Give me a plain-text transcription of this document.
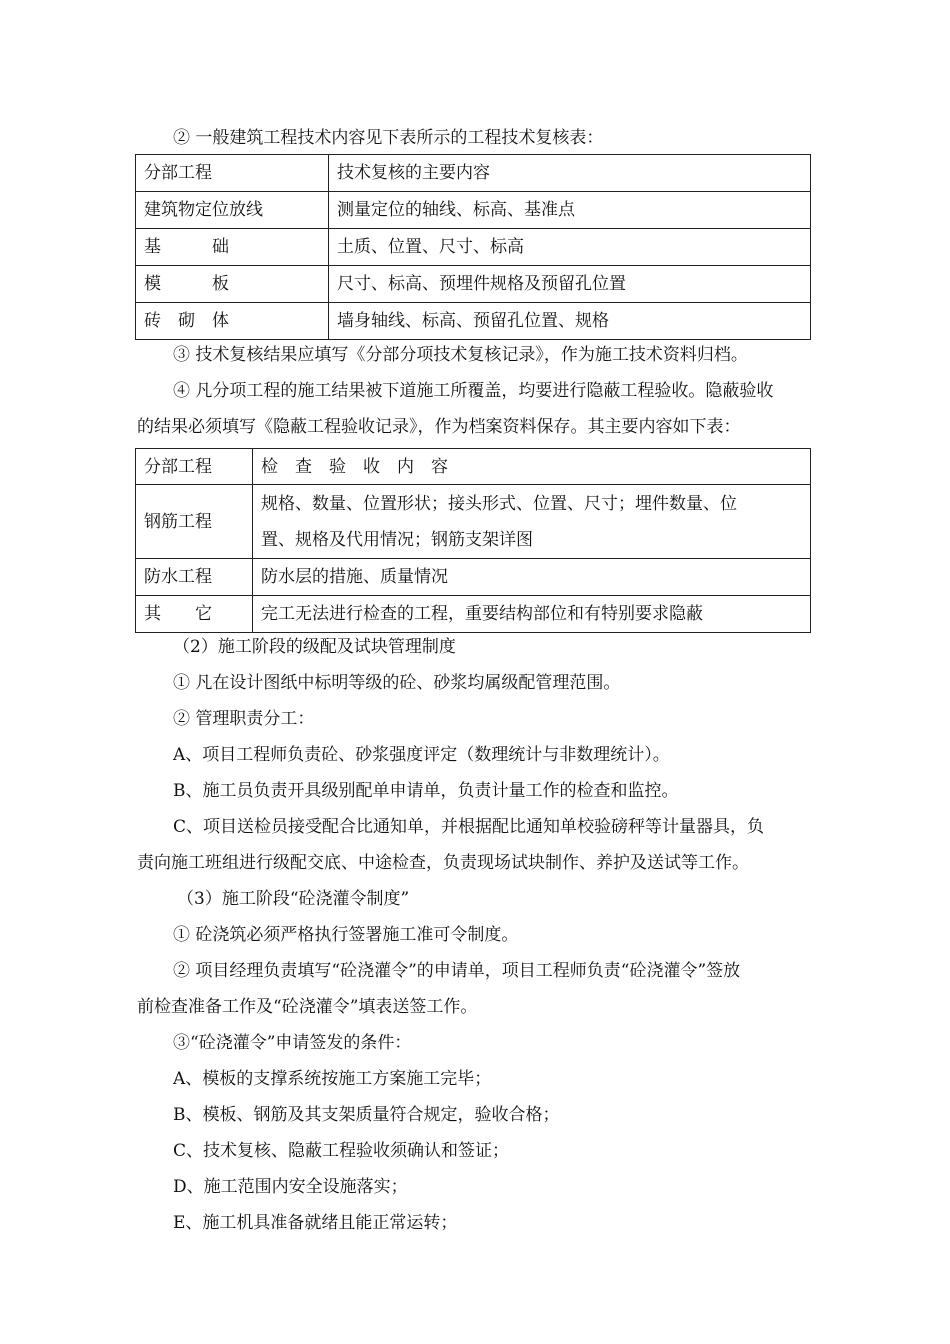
② 一般建筑工程技术内容见下表所示的工程技术复核表：
分部工程	技术复核的主要内容
建筑物定位放线	测量定位的轴线、标高、基准点
基　　　础	土质、位置、尺寸、标高
模　　　板	尺寸、标高、预埋件规格及预留孔位置
砖　砌　体	墙身轴线、标高、预留孔位置、规格
③ 技术复核结果应填写《分部分项技术复核记录》，作为施工技术资料归档。
④ 凡分项工程的施工结果被下道施工所覆盖，均要进行隐蔽工程验收。隐蔽验收
的结果必须填写《隐蔽工程验收记录》，作为档案资料保存。其主要内容如下表：
分部工程	检　查　验　收　内　容
钢筋工程	规格、数量、位置形状；接头形式、位置、尺寸；埋件数量、位
置、规格及代用情况；钢筋支架详图

防水工程	防水层的措施、质量情况
其　　它	完工无法进行检查的工程，重要结构部位和有特别要求隐蔽
（2）施工阶段的级配及试块管理制度
① 凡在设计图纸中标明等级的砼、砂浆均属级配管理范围。
② 管理职责分工：
A、项目工程师负责砼、砂浆强度评定（数理统计与非数理统计）。
B、施工员负责开具级别配单申请单，负责计量工作的检查和监控。
C、项目送检员接受配合比通知单，并根据配比通知单校验磅秤等计量器具，负
责向施工班组进行级配交底、中途检查，负责现场试块制作、养护及送试等工作。
（3）施工阶段“砼浇灌令制度”
① 砼浇筑必须严格执行签署施工准可令制度。
② 项目经理负责填写“砼浇灌令”的申请单，项目工程师负责“砼浇灌令”签放
前检查准备工作及“砼浇灌令”填表送签工作。
③“砼浇灌令”申请签发的条件：
A、模板的支撑系统按施工方案施工完毕；
B、模板、钢筋及其支架质量符合规定，验收合格；
C、技术复核、隐蔽工程验收须确认和签证；
D、施工范围内安全设施落实；
E、施工机具准备就绪且能正常运转；
